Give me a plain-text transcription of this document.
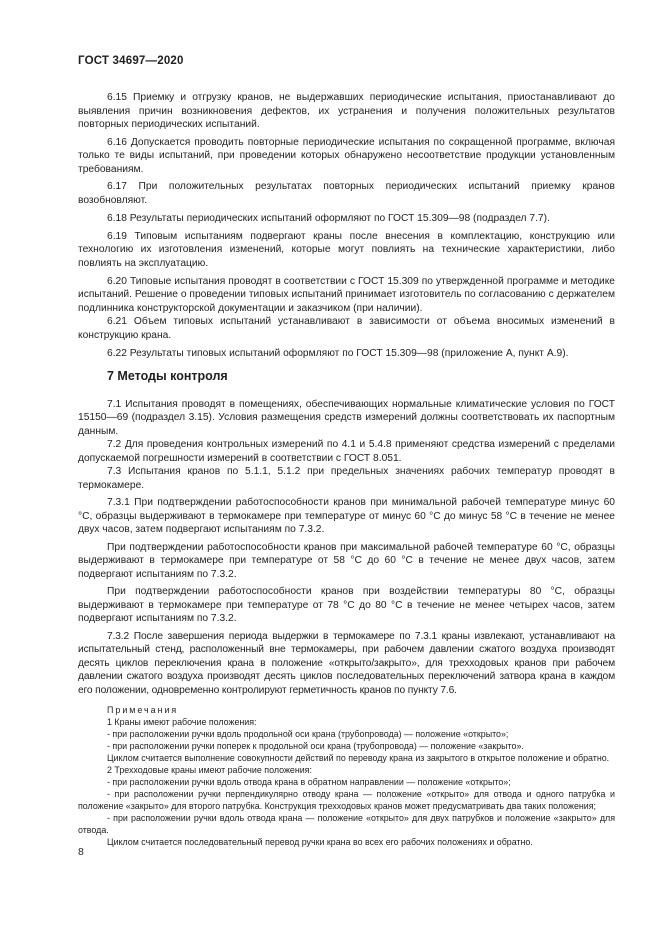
ГОСТ 34697—2020

6.15 Приемку и отгрузку кранов, не выдержавших периодические испытания, приостанавливают до выявления причин возникновения дефектов, их устранения и получения положительных результатов повторных периодических испытаний.

6.16 Допускается проводить повторные периодические испытания по сокращенной программе, включая только те виды испытаний, при проведении которых обнаружено несоответствие продукции установленным требованиям.

6.17 При положительных результатах повторных периодических испытаний приемку кранов возобновляют.

6.18 Результаты периодических испытаний оформляют по ГОСТ 15.309—98 (подраздел 7.7).

6.19 Типовым испытаниям подвергают краны после внесения в комплектацию, конструкцию или технологию их изготовления изменений, которые могут повлиять на технические характеристики, либо повлиять на эксплуатацию.

6.20 Типовые испытания проводят в соответствии с ГОСТ 15.309 по утвержденной программе и методике испытаний. Решение о проведении типовых испытаний принимает изготовитель по согласованию с держателем подлинника конструкторской документации и заказчиком (при наличии).

6.21 Объем типовых испытаний устанавливают в зависимости от объема вносимых изменений в конструкцию крана.

6.22 Результаты типовых испытаний оформляют по ГОСТ 15.309—98 (приложение А, пункт А.9).

7 Методы контроля

7.1 Испытания проводят в помещениях, обеспечивающих нормальные климатические условия по ГОСТ 15150—69 (подраздел 3.15). Условия размещения средств измерений должны соответствовать их паспортным данным.

7.2 Для проведения контрольных измерений по 4.1 и 5.4.8 применяют средства измерений с пределами допускаемой погрешности измерений в соответствии с ГОСТ 8.051.

7.3 Испытания кранов по 5.1.1, 5.1.2 при предельных значениях рабочих температур проводят в термокамере.

7.3.1 При подтверждении работоспособности кранов при минимальной рабочей температуре минус 60 °C, образцы выдерживают в термокамере при температуре от минус 60 °C до минус 58 °C в течение не менее двух часов, затем подвергают испытаниям по 7.3.2.

При подтверждении работоспособности кранов при максимальной рабочей температуре 60 °C, образцы выдерживают в термокамере при температуре от 58 °C до 60 °C в течение не менее двух часов, затем подвергают испытаниям по 7.3.2.

При подтверждении работоспособности кранов при воздействии температуры 80 °C, образцы выдерживают в термокамере при температуре от 78 °C до 80 °C в течение не менее четырех часов, затем подвергают испытаниям по 7.3.2.

7.3.2 После завершения периода выдержки в термокамере по 7.3.1 краны извлекают, устанавливают на испытательный стенд, расположенный вне термокамеры, при рабочем давлении сжатого воздуха производят десять циклов переключения крана в положение «открыто/закрыто», для трехходовых кранов при рабочем давлении сжатого воздуха производят десять циклов последовательных переключений затвора крана в каждом его положении, одновременно контролируют герметичность кранов по пункту 7.6.

Примечания

1 Краны имеют рабочие положения:

- при расположении ручки вдоль продольной оси крана (трубопровода) — положение «открыто»;

- при расположении ручки поперек к продольной оси крана (трубопровода) — положение «закрыто».

Циклом считается выполнение совокупности действий по переводу крана из закрытого в открытое положение и обратно.

2 Трехходовые краны имеют рабочие положения:

- при расположении ручки вдоль отвода крана в обратном направлении — положение «открыто»;

- при расположении ручки перпендикулярно отводу крана — положение «открыто» для отвода и одного патрубка и положение «закрыто» для второго патрубка. Конструкция трехходовых кранов может предусматривать два таких положения;

- при расположении ручки вдоль отвода крана — положение «открыто» для двух патрубков и положение «закрыто» для отвода.

Циклом считается последовательный перевод ручки крана во всех его рабочих положениях и обратно.

8
